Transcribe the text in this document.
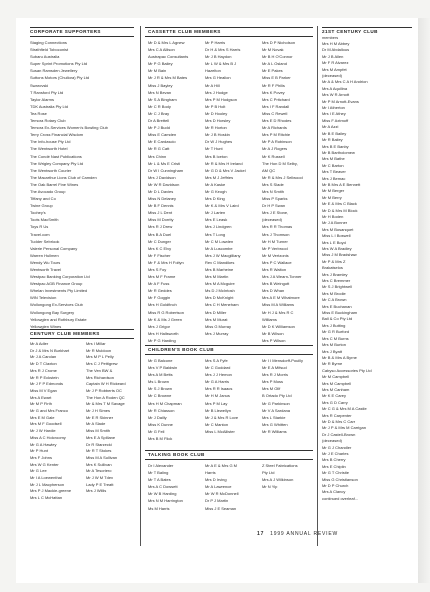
CORPORATE SUPPORTERS
Staging Connections
Strathfield Toboconist
Subaru Australia
Super Sprint Promotions Pty Ltd
Susan Ramsden Jewellery
Suttons Motors (Chullora) Pty Ltd
Swarovski
T Ransford Pty Ltd
Taylor Alarms
TDK Australia Pty Ltd
Tea Rose
Temora Rotary Club
Temora Ex-Services Women's Bowling Club
Terry Cross Financial Wisdom
The Info-house Pty Ltd
The Wentworth Hotel
The Condé Nast Publications
The Wrigley Company Pty Ltd
The Wentworth Courier
The Macarthur Lions Club of Camden
The Oak Barrel Fine Wines
The Avocado Group
Tiffany and Co
Twine Group
Toohey's
Toots MacSmith
Toys R Us
Travel.com
Tudder Sebrlook
Valerie Personal Company
Warren Hullmen
Wendy Wu Tours
Wentworth Travel
Westpac Banking Corporation Ltd
Westpac AGB Finance Group
Whelan Investments Pty Limited
WIN Television
Wollongong Ex-Services Club
Wollongong Bay Surgery
Yellowglen and Rothbury Estate
Yellowglen Wines
CENTURY CLUB MEMBERS
Mr A Adler
Dr J & Mrs N Burkhart
Mr J A Carolan
Mr D T Claxton
Mrs R J Crome
Mr R P Eckstein
Mr J F P Edmonds
Miss M V Egan
Mrs A Ewart
Mr M P Firth
Mr G and Mrs Franco
Mrs E M Gale
Mrs M F Goodsell
Mr J W Hardie
Miss A C Holcroomy
Mr G A Hawley
Mr P Hunt
Mrs F Johns
Mrs W G Kenter
Mr G Lee
Mr I A Loewenthal
Mr J L Macpherson
Mrs P J Mackie-greene
Mrs L C McHattan
Mrs I Millar
Mr R Muldoon
Mrs M P L Pelly
Mrs C J Pettigrew
The Ven BW &
Mrs Richardson
Captain W H Rickeard
Mr J P Robberts OC
The Hon A Roden QC
Mr & Mrs T M Savage
Mr J H Simes
Mr E R Skinner
Mr A Slade
Miss M Smith
Mrs E A Spillane
Dr R Starzecki
Mr R T Stokes
Miss M A Sullivan
Mrs K Sullivan
Mr A Tesoriero
Mr J W M Tdex
Lady P E Treatt
Mrs J Willis
CASSETTE CLUB MEMBERS
Mr D & Mrs L Agnew
Mrs C A Allison
Austrapac Consultants
Mr P G Bailey
Mr M Bain
Mr J R & Mrs M Bates
Miss J Bayley
Mrs N Bevan
Mr S A Bingham
Mr C R Body
Mr C J Bray
Dr A Brettell
Mr P J Budd
Miss E Camden
Mr E Cardascio
Mr R G Catt
Mrs Chinn
Mr L & Ms E Cristi
Dr W I Cunningham
Mrs J Davidson
Mr W R Davidson
Mr D L Davies
Miss N Delaney
Mr B F Dennis
Miss J L Dent
Miss M Dorrity
Mrs R J Drew
Mrs B A Duel
Mr C Dunger
Mrs K C Elvy
Mr F Fischer
Mr F & Mrs H Foltyn
Mrs S Foy
Mrs M F Frame
Mr A F Fuss
Mr R Geddes
Mr F Goggin
Mrs H Goldfinch
Miss R G Robertson
Mr K & Ms J Green
Mrs J Grigor
Mrs H Hallsworth
Mr P G Harding
Mr P Harris
Dr H & Mrs S Harris
Mr J B Haydon
Mr L W & Mrs B J
Hazelton
Mrs G Healion
Mr A Hill
Mrs J Hodge
Mrs P M Hodgson
Mr P B Holt
Mr D Hooley
Mrs D Horsley
Mr R Horton
Mr J B Hoskin
Dr W J Hughes
Mr T Hunt
Mrs B Iceton
Mr R & Mrs H Ireland
Mr G D & Mrs V Jackel
Mrs M J Jeffries
Mr A Kaske
Mr G Keogh
Mrs D King
Mr K & Mrs V Laird
Mr J Larten
Mrs E Leask
Mrs J Lindgren
Mrs T Long
Mr C M Lowden
Mr A Luscombe
Mrs J W Macgilliany
Rev C Mandikes
Mrs B Marheine
Mrs M Martin
Mrs M A Mcguire
Ms D J McIntosh
Mrs D McKnight
Mrs C H Meneham
Mrs D Miller
Mrs M Murat
Miss G Murray
Mrs J Murray
Mrs D P Nicholson
Mr M Novak
Mr B H O'Connor
Mr A L Osland
Mr E Pakes
Miss E B Parker
Mr R F Philis
Mrs K Povey
Mrs C Pritchard
Mrs I F Randall
Miss C Rewell
Mrs E D Rhodes
Mr A Richards
Mrs P M Ritchie
Mr P A Robinson
Mr A J Rogers
Mr K Russell
The Hon D M Selby,
AM QC
Mr R & Mrs J Sellwood
Mrs S Slade
Mrs N Smith
Miss P Sparks
Dr H P Swan
Mrs J E Stone,
(deceased)
Mrs R R Thomas
Mrs J Thomson
Mr H M Turner
Mr P Verbrood
Mr M Vertzonis
Mrs P C Wallace
Mrs R Walton
Mrs J A Wearn-Tonner
Mrs B Weingott
Mrs D Whan
Mrs A E M Whatmore
Miss M A Williams
Mr H J & Mrs R C
Williams
Mr D K Williamson
Mr B Wilson
Mrs P Wilson
CHILDREN'S BOOK CLUB
Mr G Balcone
Mrs V P Baldwin
Mrs A M Betts
Ms L Brown
Mr S J Brown
Mr C Browne
Mrs H M Chapman
Mr R Chiasson
Mr J Dailly
Miss K Dunne
Mr G Fell
Mrs B M Flick
Mrs S A Fyfe
Mr C Goddard
Mrs J J Hemon
Mr G A Harris
Mrs R R Isaacs
Mr H M Janus
Mrs P M Lay
Mr B Llewellyn
Mr J & Mrs R Love
Mr C Manton
Miss L McAllister
Mr I I Mensdorff-Pouilly
Mr E A Mifsud
Mrs R J Morris
Mrs P Moss
Mrs M Ollf
B Ortado Pty Ltd
Mr G Parkinson
Mr V A Sardana
Mrs L Starkie
Mrs G Whitten
Mr R Williams
TALKING BOOK CLUB
Dr I Alexander
Mr T Baling
Mr T A Bates
Mrs A C Dowsett
Mr W B Harding
Mrs N M Harrington
Ms M Harris
Mr A E & Mrs G M
Harris
Mrs D Irving
Mr A Lawrence
Mr W R McDonnell
Dr P J Martin
Miss J E Seaman
Z Steel Fabrications
Pty Ltd
Mrs A J Wilkinson
Mr N Yip
21ST CENTURY CLUB
members
Mrs H M Abbey
Dr M Abdallous
Mr J B Allen
Mr F R Alvarez
Mrs M Ampfet
(deceased)
Mr A & Mrs C A H Andrion
Mrs A Aquilina
Mrs W R Arnott
Mr P M Arnott-Evans
Mr I Atherton
Mrs I E Athey
Miss F Axtmoff
Mr A Azzi
Mr B E Bailey
Mr R Bailey
Mrs B E Banby
Mr B Bartholomew
Mrs M Bathe
Mr C Barton
Mrs T Beaver
Mrs J Bemac
Mr B Mrs A E Bennett
Mr M Berger
Mr M Berry
Mr E & Mrs C Black
Mr D & Mrs M Block
Mr H Boden
Mr J A Bonner
Mrs M Bosanquet
Miss L I Boswell
Mrs L E Boyd
Mrs W A Bradley
Miss J M Bradshaw
Mr P & Mrs Z
Brakatselos
Mrs J Bramley
Mrs C Bremmer
Mr S J Brightwell
Mrs M Brodie
Mr C A Brown
Mrs E Buchanan
Miss E Buckingham
Ball & Co Pty Ltd
Mrs J Butting
Mr G R Burford
Mrs C M Burns
Mrs M Burton
Mrs J Byatt
Mr B & Mrs A Byrne
Mr R Byrne
Cabyso Accessories Pty Ltd
Mr M Campbell
Mrs M Campbell
Mrs M Canham
Mr K E Carey
Mrs G D Carry
Mr C G & Mrs M A Castle
Mrs R Carpenter
Mr D & Mrs C Carr
Mr J P & Mrs M Carrigan
Dr J Castell-Brown
(deceased)
Mr G J Chandler
Mr J E Charles
Mrs B Cherry
Mrs E Chipiin
Mr G T Christie
Miss G Christianson
Mr D P Church
Mrs A Clancy
continued overleaf...
17 1999 ANNUAL REVIEW
